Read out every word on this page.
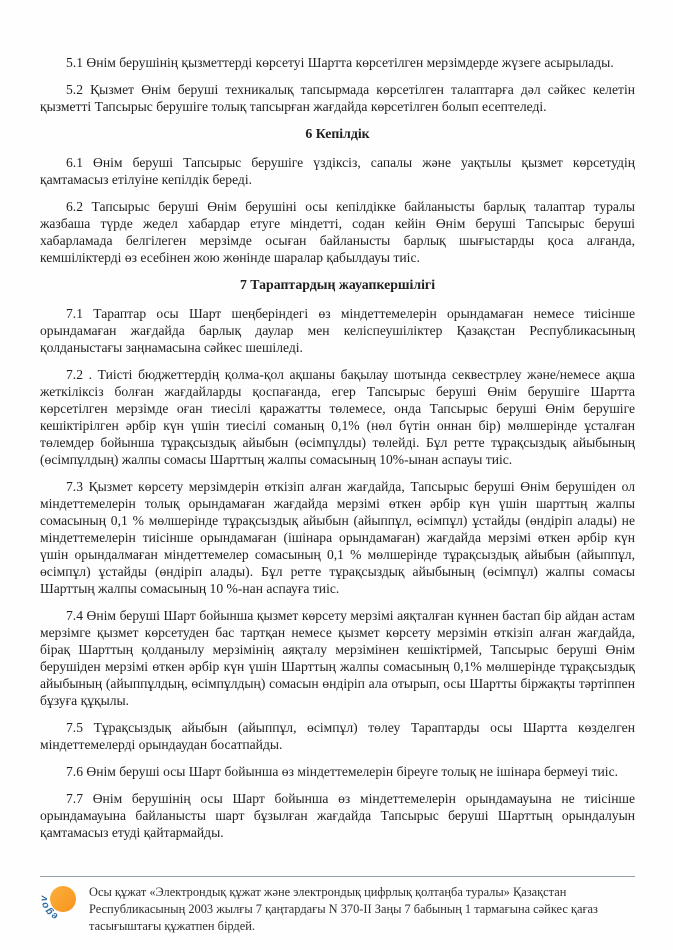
5.1 Өнім берушінің қызметтерді көрсетуі Шартта көрсетілген мерзімдерде жүзеге асырылады.

5.2 Қызмет Өнім беруші техникалық тапсырмада көрсетілген талаптарға дәл сәйкес келетін қызметті Тапсырыс берушіге толық тапсырған жағдайда көрсетілген болып есептеледі.

6 Кепілдік

6.1 Өнім беруші Тапсырыс берушіге үздіксіз, сапалы және уақтылы қызмет көрсетудің қамтамасыз етілуіне кепілдік береді.

6.2 Тапсырыс беруші Өнім берушіні осы кепілдікке байланысты барлық талаптар туралы жазбаша түрде жедел хабардар етуге міндетті, содан кейін Өнім беруші Тапсырыс беруші хабарламада белгілеген мерзімде осыған байланысты барлық шығыстарды қоса алғанда, кемшіліктерді өз есебінен жою жөнінде шаралар қабылдауы тиіс.

7 Тараптардың жауапкершілігі

7.1 Тараптар осы Шарт шеңберіндегі өз міндеттемелерін орындамаған немесе тиісінше орындамаған жағдайда барлық даулар мен келіспеушіліктер Қазақстан Республикасының қолданыстағы заңнамасына сәйкес шешіледі.

7.2 . Тиісті бюджеттердің қолма-қол ақшаны бақылау шотында секвестрлеу және/немесе ақша жеткіліксіз болған жағдайларды қоспағанда, егер Тапсырыс беруші Өнім берушіге Шартта көрсетілген мерзімде оған тиесілі қаражатты төлемесе, онда Тапсырыс беруші Өнім берушіге кешіктірілген әрбір күн үшін тиесілі соманың 0,1% (нөл бүтін оннан бір) мөлшерінде ұсталған төлемдер бойынша тұрақсыздық айыбын (өсімпұлды) төлейді. Бұл ретте тұрақсыздық айыбының (өсімпұлдың) жалпы сомасы Шарттың жалпы сомасының 10%-ынан аспауы тиіс.

7.3 Қызмет көрсету мерзімдерін өткізіп алған жағдайда, Тапсырыс беруші Өнім берушіден ол міндеттемелерін толық орындамаған жағдайда мерзімі өткен әрбір күн үшін шарттың жалпы сомасының 0,1 % мөлшерінде тұрақсыздық айыбын (айыппұл, өсімпұл) ұстайды (өндіріп алады) не міндеттемелерін тиісінше орындамаған (ішінара орындамаған) жағдайда мерзімі өткен әрбір күн үшін орындалмаған міндеттемелер сомасының 0,1 % мөлшерінде тұрақсыздық айыбын (айыппұл, өсімпұл) ұстайды (өндіріп алады). Бұл ретте тұрақсыздық айыбының (өсімпұл) жалпы сомасы Шарттың жалпы сомасының 10 %-нан аспауға тиіс.

7.4 Өнім беруші Шарт бойынша қызмет көрсету мерзімі аяқталған күннен бастап бір айдан астам мерзімге қызмет көрсетуден бас тартқан немесе қызмет көрсету мерзімін өткізіп алған жағдайда, бірақ Шарттың қолданылу мерзімінің аяқталу мерзімінен кешіктірмей, Тапсырыс беруші Өнім берушіден мерзімі өткен әрбір күн үшін Шарттың жалпы сомасының 0,1% мөлшерінде тұрақсыздық айыбының (айыппұлдың, өсімпұлдың) сомасын өндіріп ала отырып, осы Шартты біржақты тәртіппен бұзуға құқылы.

7.5 Тұрақсыздық айыбын (айыппұл, өсімпұл) төлеу Тараптарды осы Шартта көзделген міндеттемелерді орындаудан босатпайды.

7.6 Өнім беруші осы Шарт бойынша өз міндеттемелерін біреуге толық не ішінара бермеуі тиіс.

7.7 Өнім берушінің осы Шарт бойынша өз міндеттемелерін орындамауына не тиісінше орындамауына байланысты шарт бұзылған жағдайда Тапсырыс беруші Шарттың орындалуын қамтамасыз етуді қайтармайды.

egov	Осы құжат «Электрондық құжат және электрондық цифрлық қолтаңба туралы» Қазақстан Республикасының 2003 жылғы 7 қаңтардағы N 370-II Заңы 7 бабының 1 тармағына сәйкес қағаз тасығыштағы құжатпен бірдей.
